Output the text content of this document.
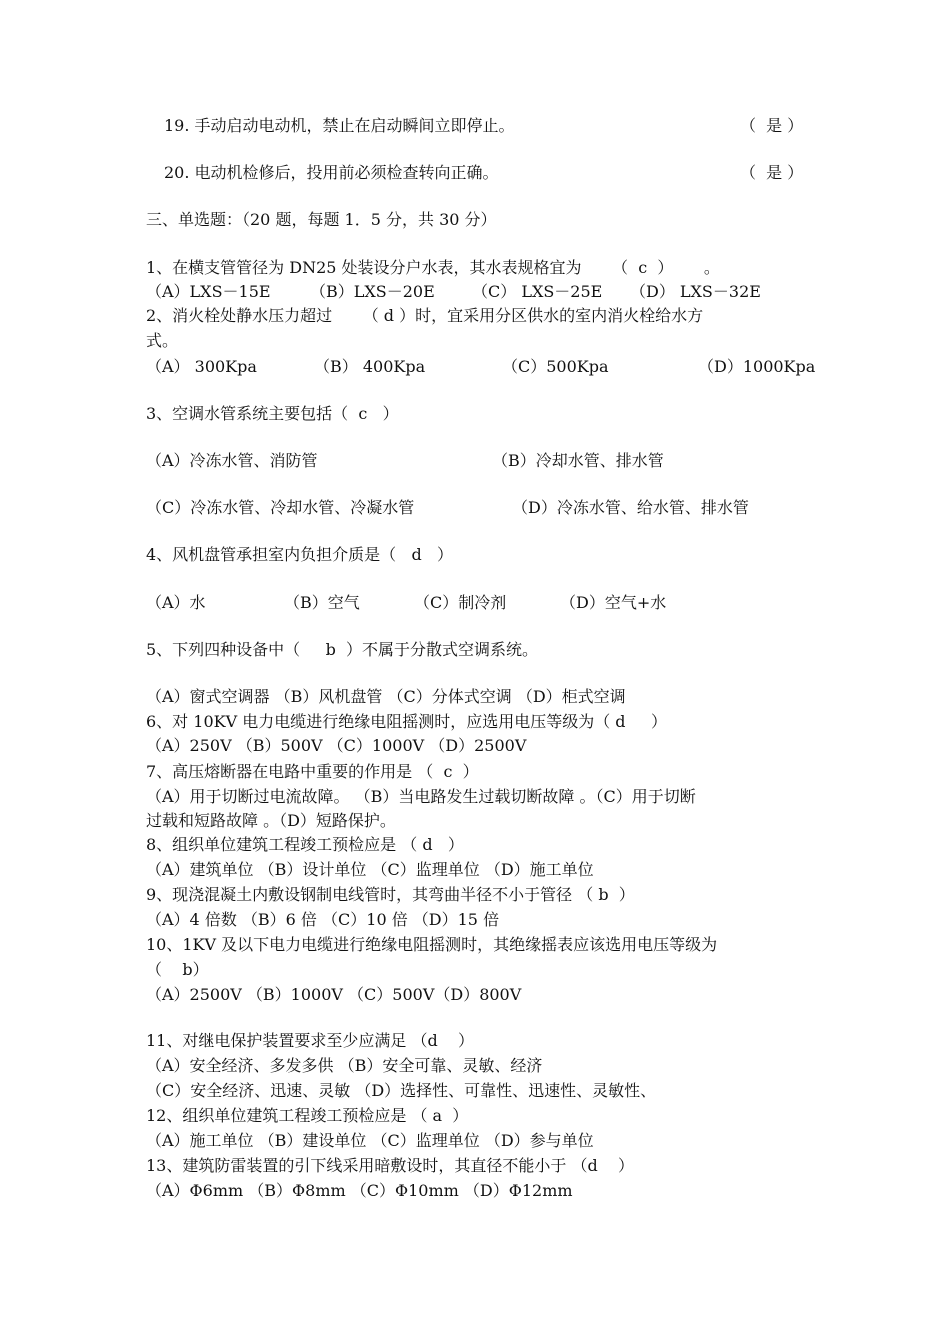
19. 手动启动电动机，禁止在启动瞬间立即停止。	（  是 ）
20. 电动机检修后，投用前必须检查转向正确。	（  是 ）
三、单选题：（20 题，每题 1．5 分，共 30 分）
1、在横支管管径为 DN25 处装设分户水表，其水表规格宜为      （  c  ）      。
（A）LXS－15E （B）LXS－20E （C） LXS－25E （D） LXS－32E
2、消火栓处静水压力超过      （ d ）时，宜采用分区供水的室内消火栓给水方
式。
（A） 300Kpa	（B） 400Kpa	（C）500Kpa	（D）1000Kpa
3、空调水管系统主要包括（  c   ）
（A）冷冻水管、消防管	（B）冷却水管、排水管
（C）冷冻水管、冷却水管、冷凝水管	（D）冷冻水管、给水管、排水管
4、风机盘管承担室内负担介质是（   d   ）
（A）水	（B）空气	（C）制冷剂	（D）空气+水
5、下列四种设备中（     b  ）不属于分散式空调系统。
（A）窗式空调器 （B）风机盘管 （C）分体式空调 （D）柜式空调
6、对 10KV 电力电缆进行绝缘电阻摇测时，应选用电压等级为（ d     ）
（A）250V （B）500V （C）1000V （D）2500V
7、高压熔断器在电路中重要的作用是 （  c  ）
（A）用于切断过电流故障。 （B）当电路发生过载切断故障 。（C）用于切断
过载和短路故障 。（D）短路保护。
8、组织单位建筑工程竣工预检应是 （ d   ）
（A）建筑单位 （B）设计单位 （C）监理单位 （D）施工单位
9、现浇混凝土内敷设钢制电线管时，其弯曲半径不小于管径 （ b  ）
（A）4 倍数 （B）6 倍 （C）10 倍 （D）15 倍
10、1KV 及以下电力电缆进行绝缘电阻摇测时，其绝缘摇表应该选用电压等级为
（    b）
（A）2500V （B）1000V （C）500V（D）800V
11、对继电保护装置要求至少应满足 （d    ）
（A）安全经济、多发多供 （B）安全可靠、灵敏、经济
（C）安全经济、迅速、灵敏 （D）选择性、可靠性、迅速性、灵敏性、
12、组织单位建筑工程竣工预检应是 （ a  ）
（A）施工单位 （B）建设单位 （C）监理单位 （D）参与单位
13、建筑防雷装置的引下线采用暗敷设时，其直径不能小于 （d    ）
（A）Φ6mm （B）Φ8mm （C）Φ10mm （D）Φ12mm
